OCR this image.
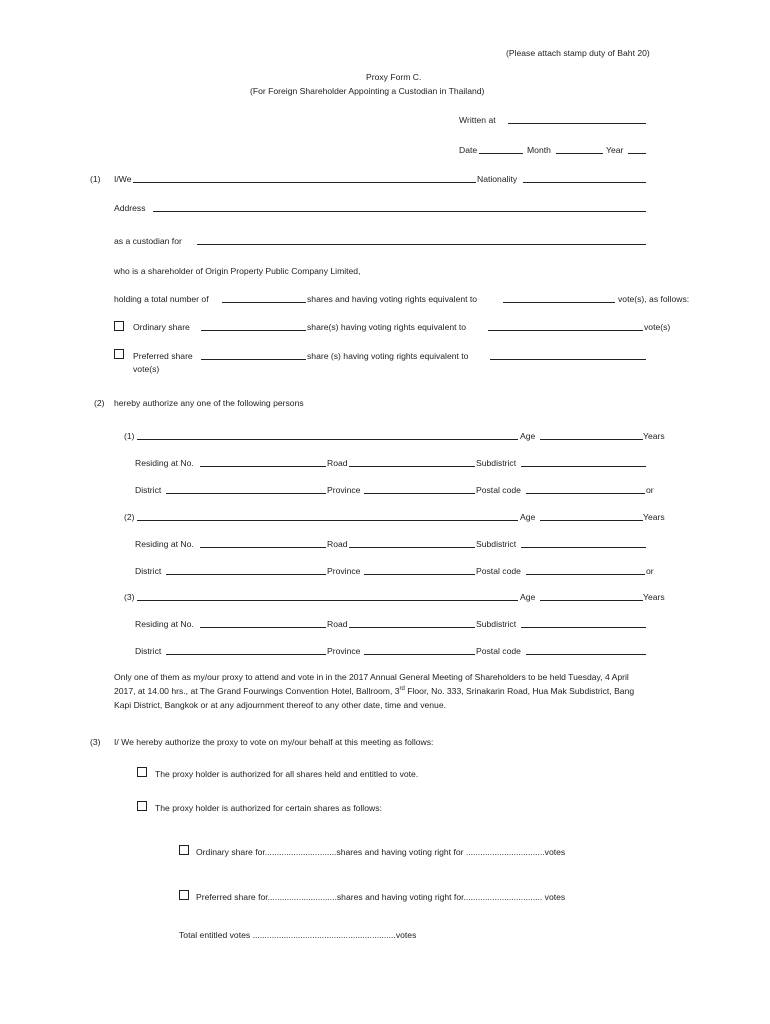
(Please attach stamp duty of Baht 20)
Proxy Form C.
(For Foreign Shareholder Appointing a Custodian in Thailand)
Written at
Date	Month	Year
(1) I/We	Nationality
Address
as a custodian for
who is a shareholder of Origin Property Public Company Limited,
holding a total number of	shares and having voting rights equivalent to	vote(s), as follows:
Ordinary share	share(s) having voting rights equivalent to	vote(s)
Preferred share	share (s) having voting rights equivalent to
vote(s)
(2) hereby authorize any one of the following persons
(1)	Age	Years
Residing at No.	Road	Subdistrict
District	Province	Postal code	or
(2)	Age	Years
Residing at No.	Road	Subdistrict
District	Province	Postal code	or
(3)	Age	Years
Residing at No.	Road	Subdistrict
District	Province	Postal code
Only one of them as my/our proxy to attend and vote in in the 2017 Annual General Meeting of Shareholders to be held Tuesday, 4 April
2017, at 14.00 hrs., at The Grand Fourwings Convention Hotel, Ballroom, 3rd Floor, No. 333, Srinakarin Road, Hua Mak Subdistrict, Bang
Kapi District, Bangkok or at any adjournment thereof to any other date, time and venue.
(3) I/ We hereby authorize the proxy to vote on my/our behalf at this meeting as follows:
The proxy holder is authorized for all shares held and entitled to vote.
The proxy holder is authorized for certain shares as follows:
Ordinary share for..............................shares and having voting right for .................................votes
Preferred share for.............................shares and having voting right for................................. votes
Total entitled votes ............................................................votes
